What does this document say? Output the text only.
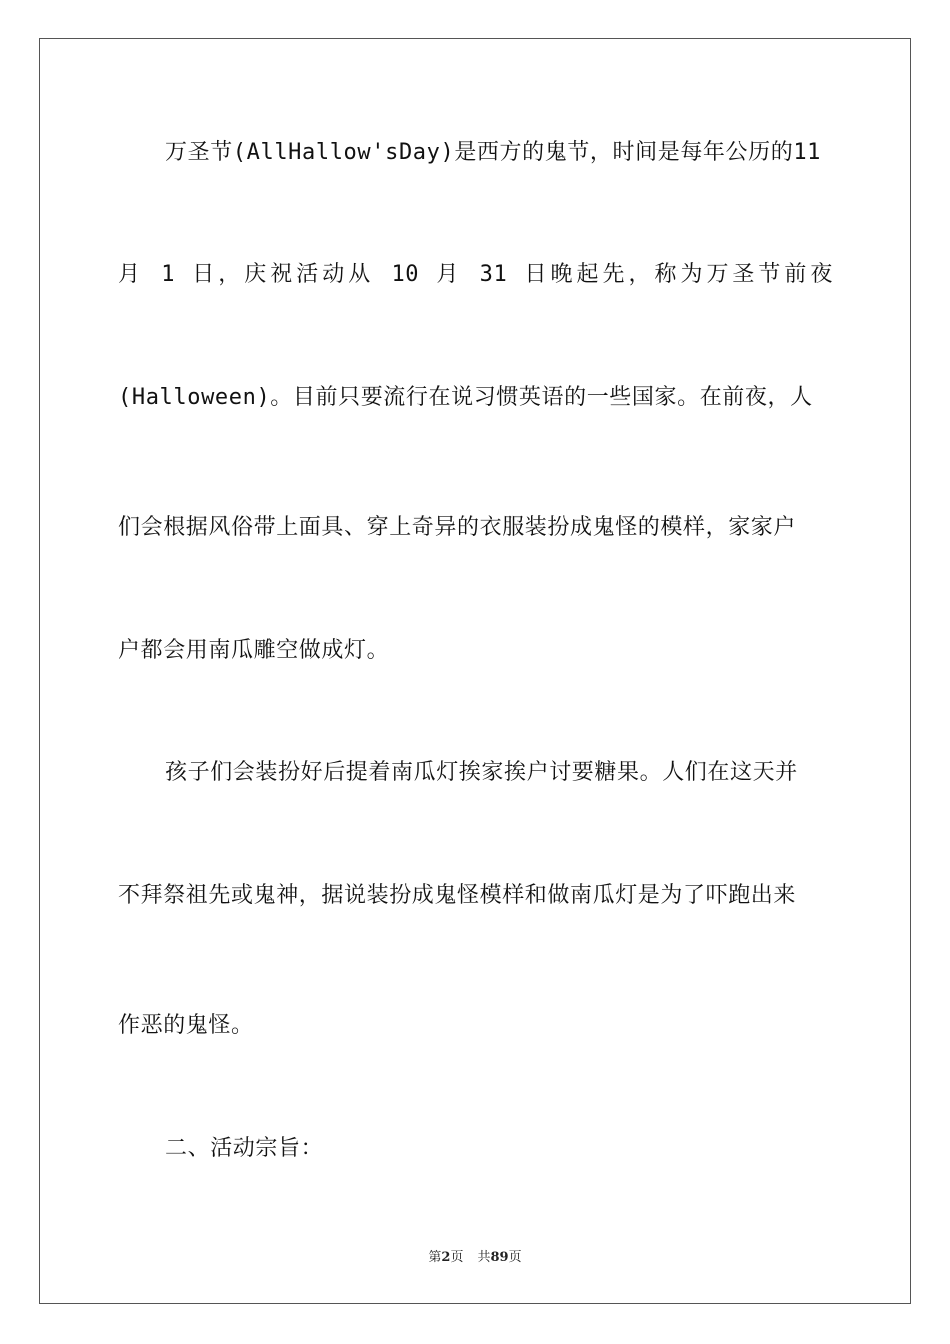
万圣节(AllHallow'sDay)是西方的鬼节，时间是每年公历的11
月 1 日，庆祝活动从 10 月 31 日晚起先，称为万圣节前夜
(Halloween)。目前只要流行在说习惯英语的一些国家。在前夜，人
们会根据风俗带上面具、穿上奇异的衣服装扮成鬼怪的模样，家家户
户都会用南瓜雕空做成灯。
孩子们会装扮好后提着南瓜灯挨家挨户讨要糖果。人们在这天并
不拜祭祖先或鬼神，据说装扮成鬼怪模样和做南瓜灯是为了吓跑出来
作恶的鬼怪。
二、活动宗旨：
第2页 共89页
